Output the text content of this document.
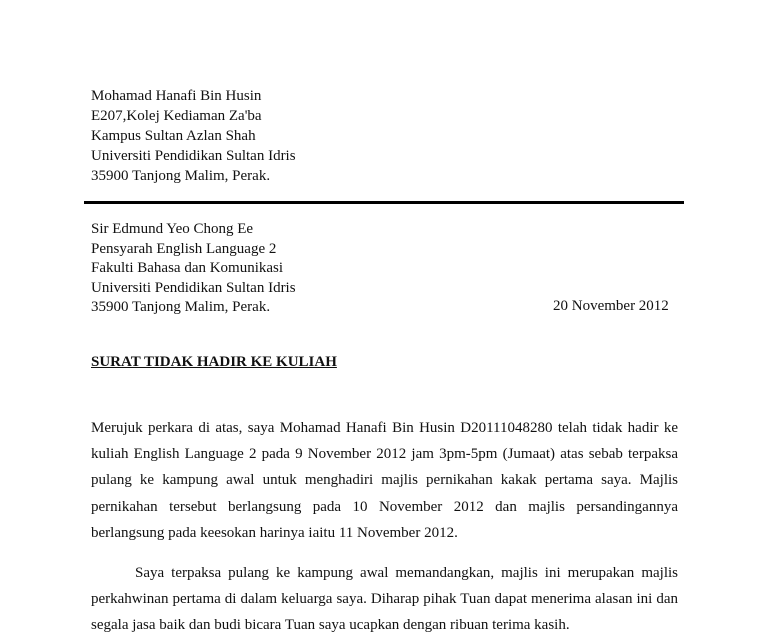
Mohamad Hanafi Bin Husin
E207,Kolej Kediaman Za'ba
Kampus Sultan Azlan Shah
Universiti Pendidikan Sultan Idris
35900 Tanjong Malim, Perak.
Sir Edmund Yeo Chong Ee
Pensyarah English Language 2
Fakulti Bahasa dan Komunikasi
Universiti Pendidikan Sultan Idris
35900 Tanjong Malim, Perak.	20 November 2012
SURAT TIDAK HADIR KE KULIAH
Merujuk perkara di atas, saya Mohamad Hanafi Bin Husin D20111048280 telah tidak hadir ke kuliah English Language 2 pada 9 November 2012 jam 3pm-5pm (Jumaat) atas sebab terpaksa pulang ke kampung awal untuk menghadiri majlis pernikahan kakak pertama saya. Majlis pernikahan tersebut berlangsung pada 10 November 2012 dan majlis persandingannya berlangsung pada keesokan harinya iaitu 11 November 2012.
Saya terpaksa pulang ke kampung awal memandangkan, majlis ini merupakan majlis perkahwinan pertama di dalam keluarga saya. Diharap pihak Tuan dapat menerima alasan ini dan segala jasa baik dan budi bicara Tuan saya ucapkan dengan ribuan terima kasih.
